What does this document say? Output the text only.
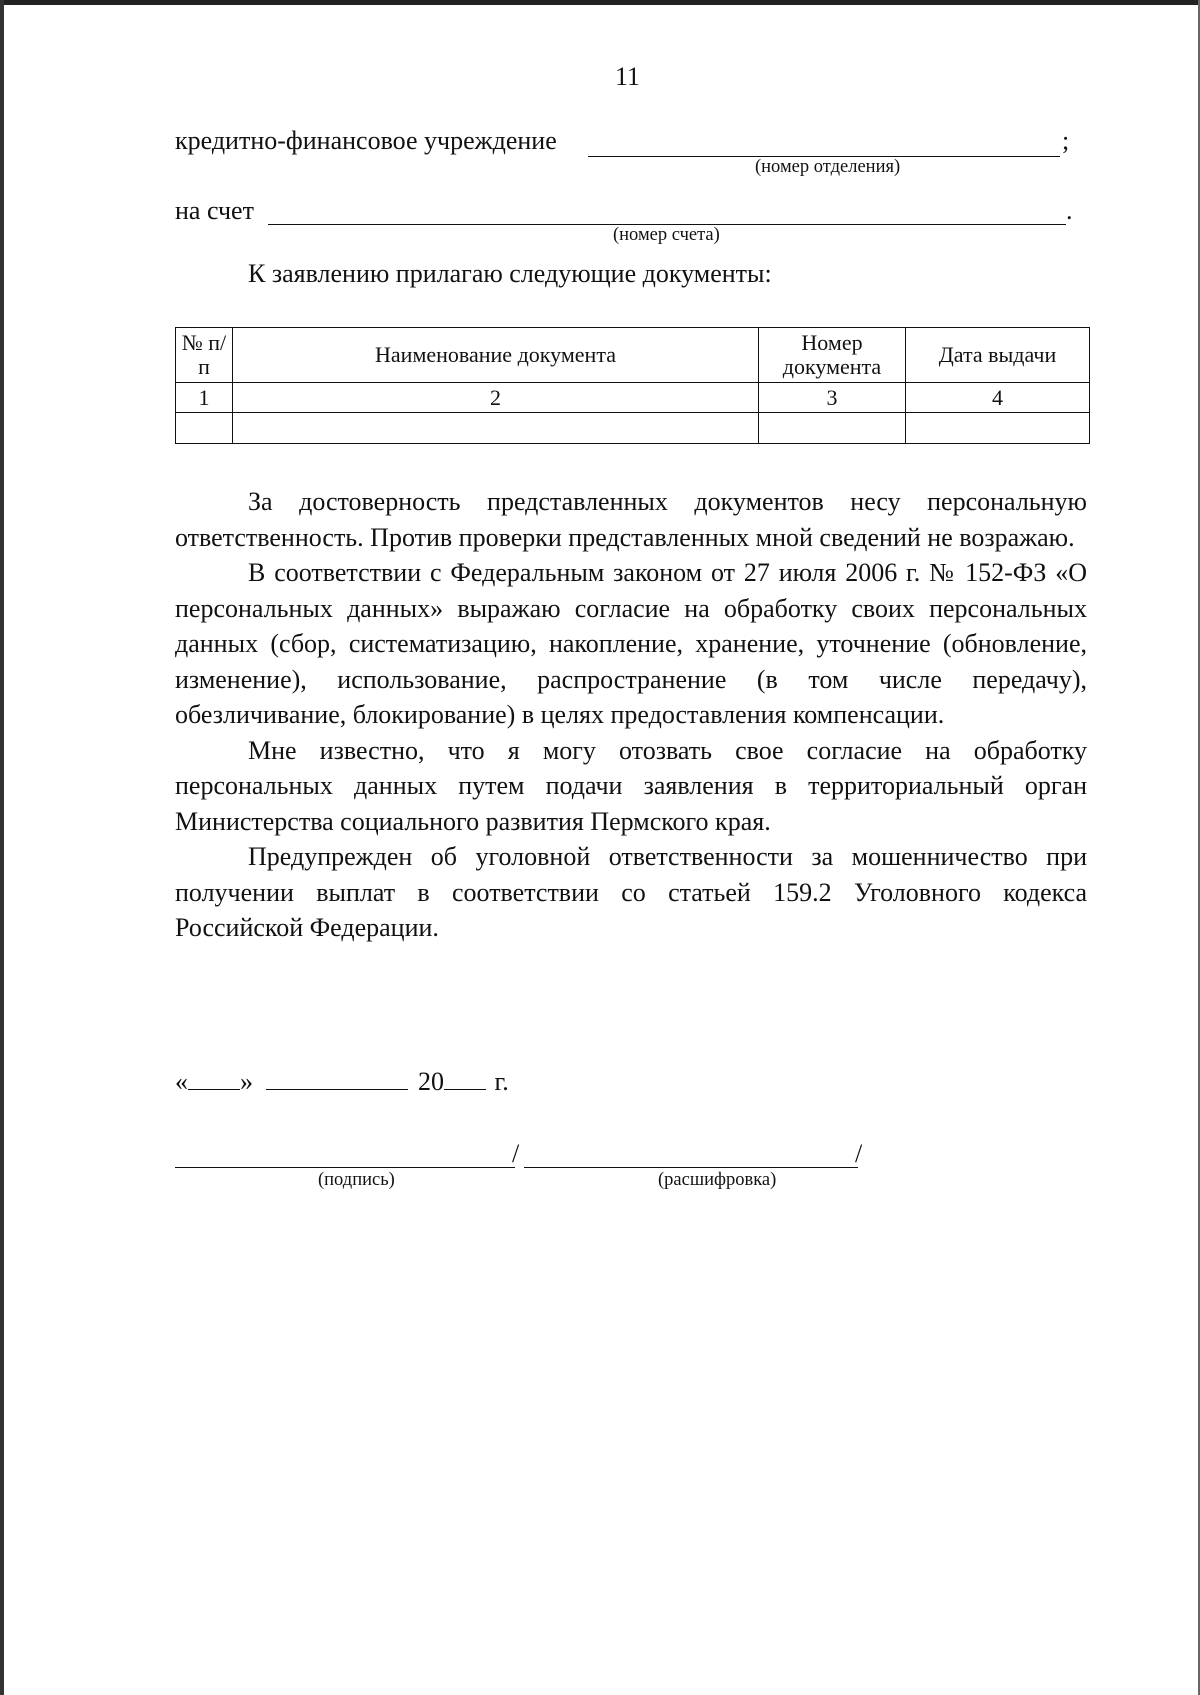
11
кредитно-финансовое учреждение	;
(номер отделения)
на счет	.
(номер счета)
К заявлению прилагаю следующие документы:
№ п/п	Наименование документа	Номер документа	Дата выдачи
1	2	3	4

За достоверность представленных документов несу персональную ответственность. Против проверки представленных мной сведений не возражаю.

В соответствии с Федеральным законом от 27 июля 2006 г. № 152-ФЗ «О персональных данных» выражаю согласие на обработку своих персональных данных (сбор, систематизацию, накопление, хранение, уточнение (обновление, изменение), использование, распространение (в том числе передачу), обезличивание, блокирование) в целях предоставления компенсации.

Мне известно, что я могу отозвать свое согласие на обработку персональных данных путем подачи заявления в территориальный орган Министерства социального развития Пермского края.

Предупрежден об уголовной ответственности за мошенничество при получении выплат в соответствии со статьей 159.2 Уголовного кодекса Российской Федерации.

« »	20 г.
/	/
(подпись)	(расшифровка)
